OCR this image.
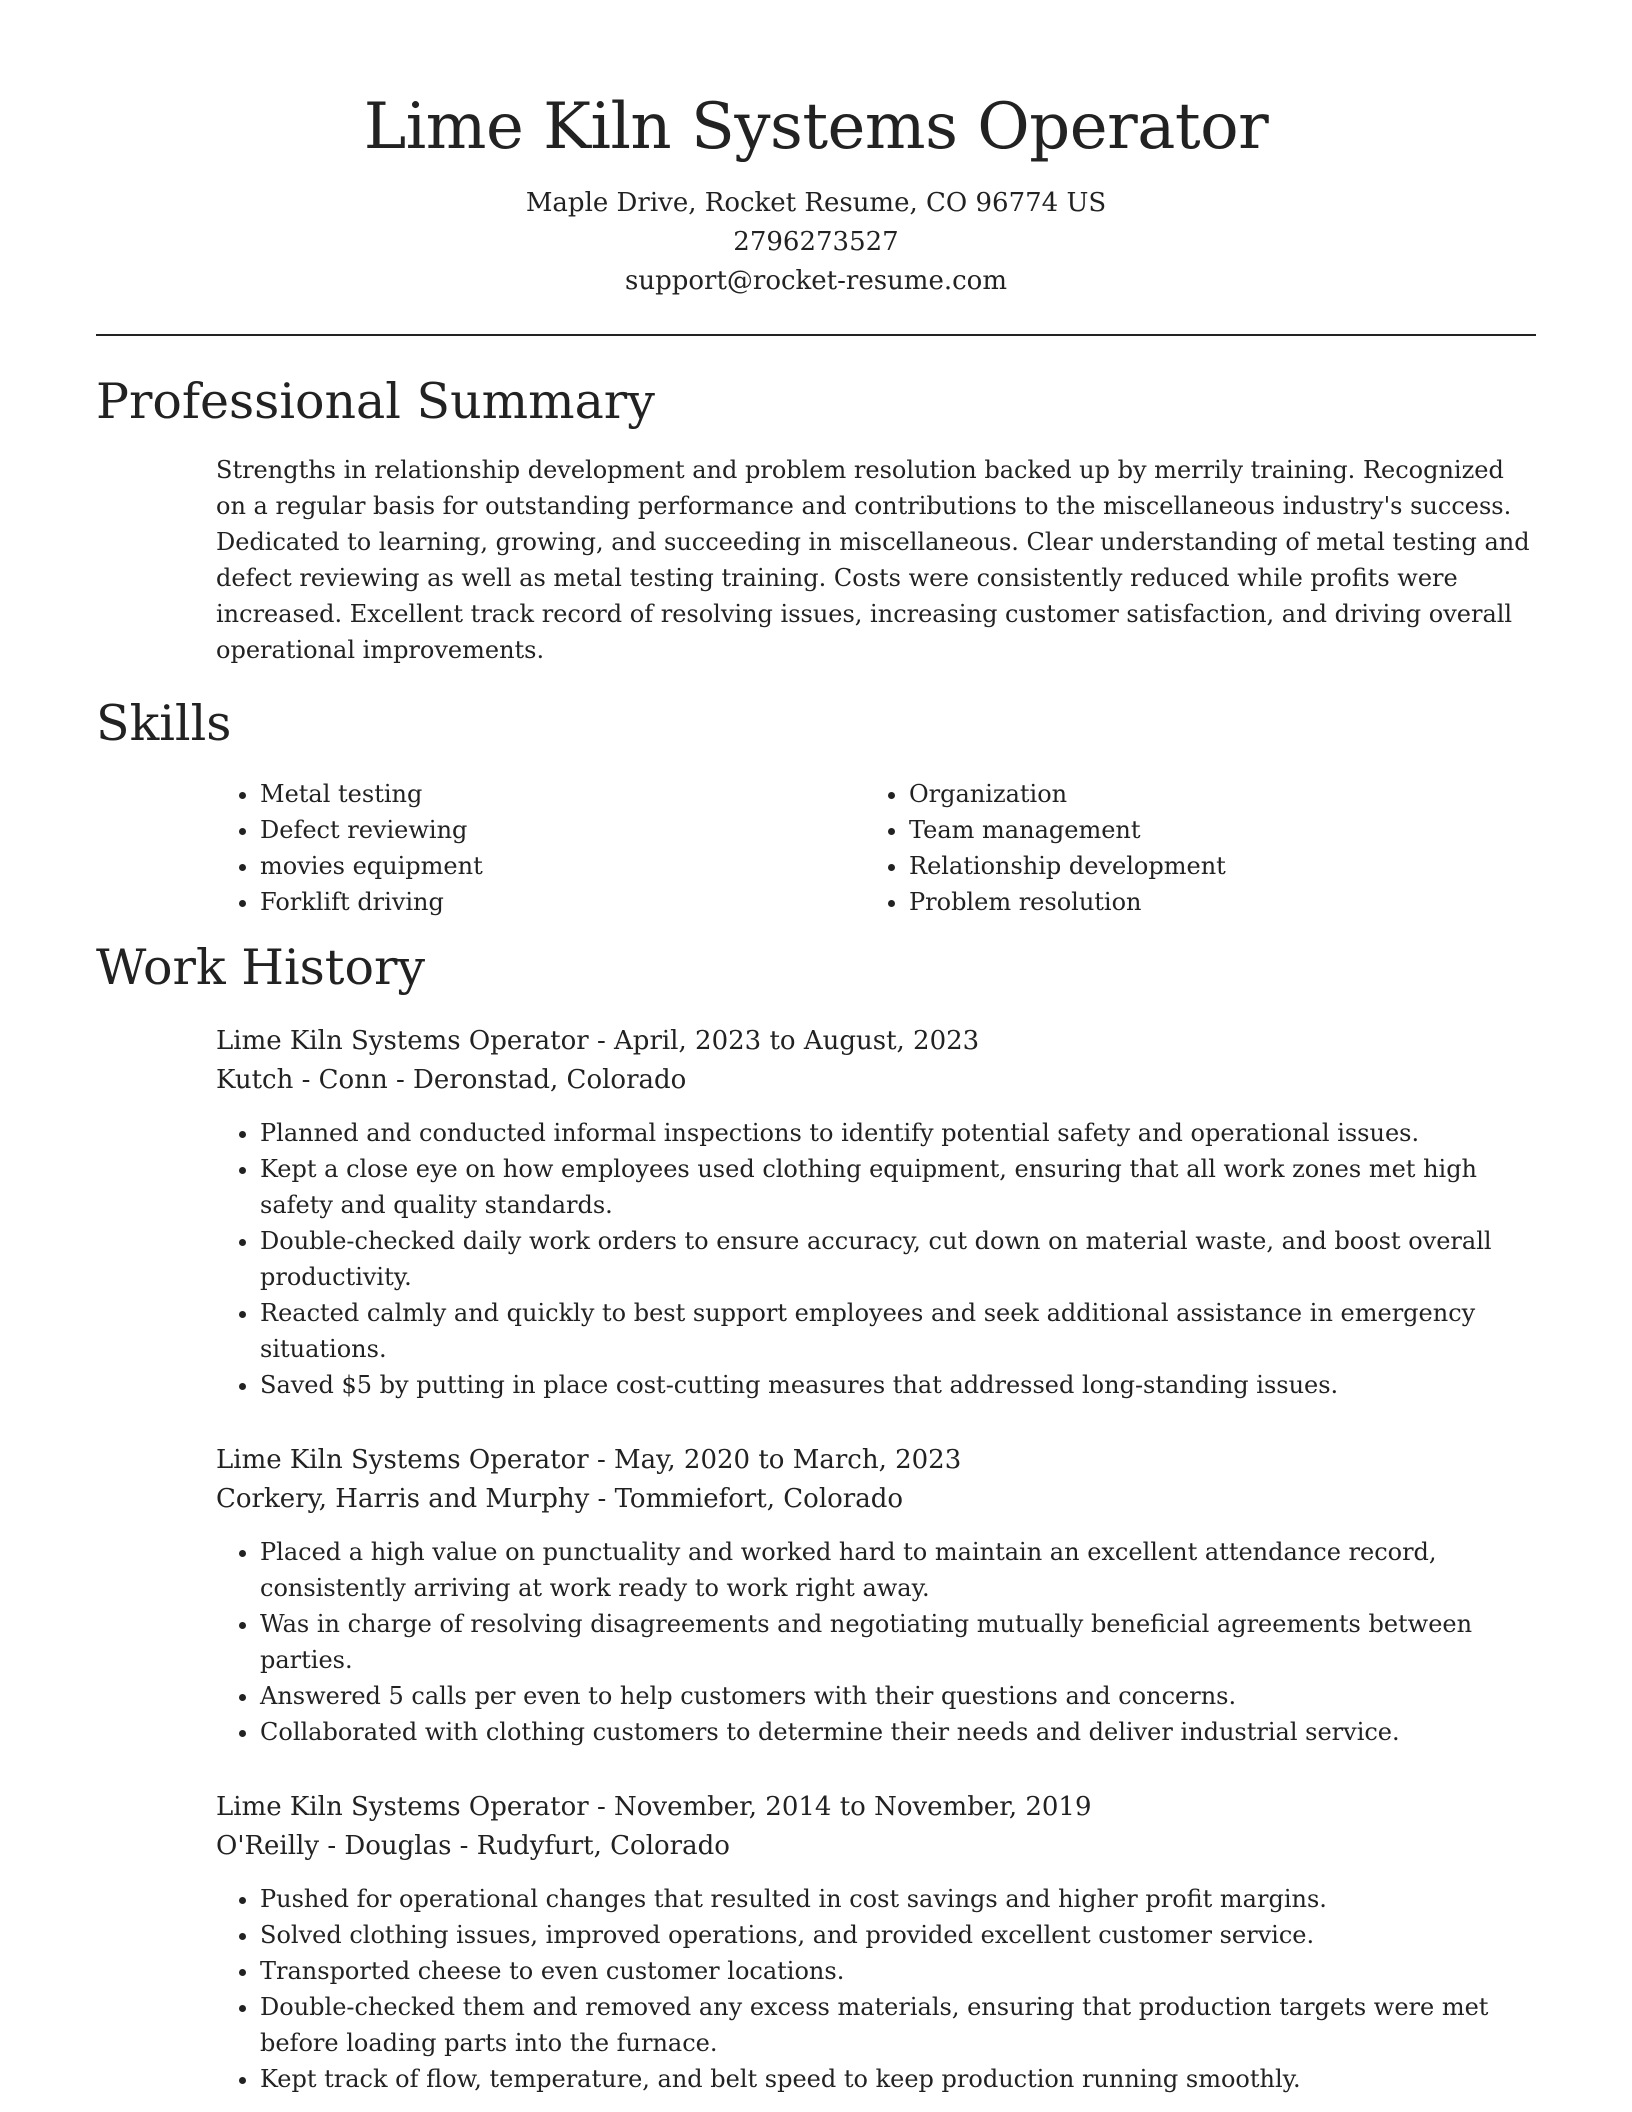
Lime Kiln Systems Operator
Maple Drive, Rocket Resume, CO 96774 US
2796273527
support@rocket-resume.com
Professional Summary
Strengths in relationship development and problem resolution backed up by merrily training. Recognized on a regular basis for outstanding performance and contributions to the miscellaneous industry's success. Dedicated to learning, growing, and succeeding in miscellaneous. Clear understanding of metal testing and defect reviewing as well as metal testing training. Costs were consistently reduced while profits were increased. Excellent track record of resolving issues, increasing customer satisfaction, and driving overall operational improvements.
Skills
• Metal testing
• Defect reviewing
• movies equipment
• Forklift driving
• Organization
• Team management
• Relationship development
• Problem resolution
Work History
Lime Kiln Systems Operator - April, 2023 to August, 2023
Kutch - Conn - Deronstad, Colorado
• Planned and conducted informal inspections to identify potential safety and operational issues.
• Kept a close eye on how employees used clothing equipment, ensuring that all work zones met high safety and quality standards.
• Double-checked daily work orders to ensure accuracy, cut down on material waste, and boost overall productivity.
• Reacted calmly and quickly to best support employees and seek additional assistance in emergency situations.
• Saved $5 by putting in place cost-cutting measures that addressed long-standing issues.
Lime Kiln Systems Operator - May, 2020 to March, 2023
Corkery, Harris and Murphy - Tommiefort, Colorado
• Placed a high value on punctuality and worked hard to maintain an excellent attendance record, consistently arriving at work ready to work right away.
• Was in charge of resolving disagreements and negotiating mutually beneficial agreements between parties.
• Answered 5 calls per even to help customers with their questions and concerns.
• Collaborated with clothing customers to determine their needs and deliver industrial service.
Lime Kiln Systems Operator - November, 2014 to November, 2019
O'Reilly - Douglas - Rudyfurt, Colorado
• Pushed for operational changes that resulted in cost savings and higher profit margins.
• Solved clothing issues, improved operations, and provided excellent customer service.
• Transported cheese to even customer locations.
• Double-checked them and removed any excess materials, ensuring that production targets were met before loading parts into the furnace.
• Kept track of flow, temperature, and belt speed to keep production running smoothly.
